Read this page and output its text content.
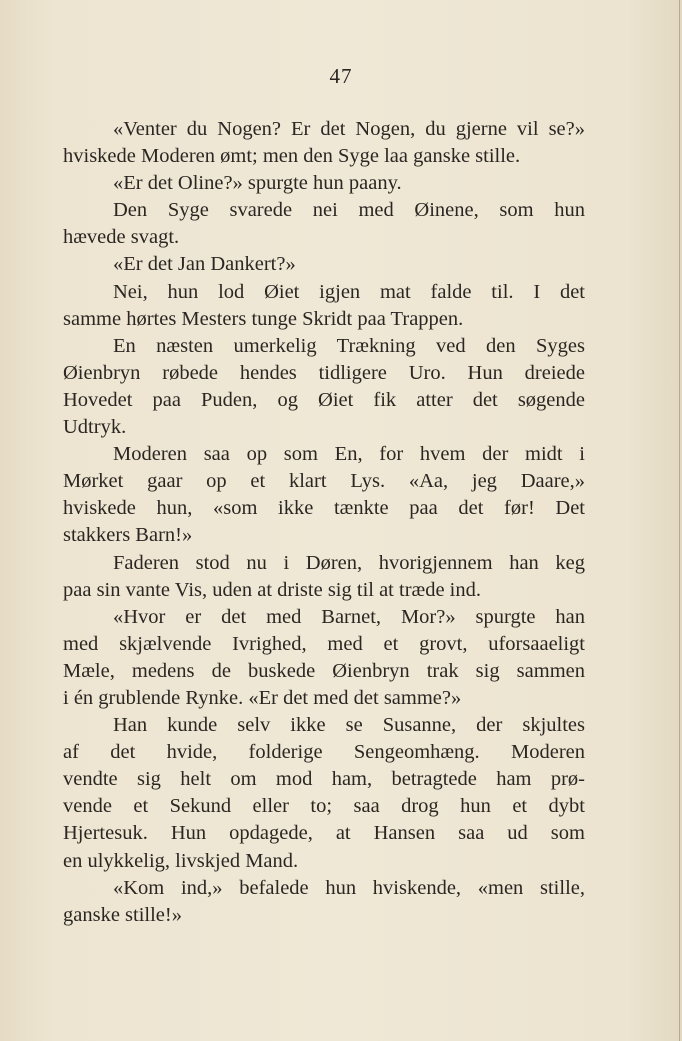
47
«Venter du Nogen? Er det Nogen, du gjerne vil se?»
hviskede Moderen ømt; men den Syge laa ganske stille.
«Er det Oline?» spurgte hun paany.
Den Syge svarede nei med Øinene, som hun
hævede svagt.
«Er det Jan Dankert?»
Nei, hun lod Øiet igjen mat falde til. I det
samme hørtes Mesters tunge Skridt paa Trappen.
En næsten umerkelig Trækning ved den Syges
Øienbryn røbede hendes tidligere Uro. Hun dreiede
Hovedet paa Puden, og Øiet fik atter det søgende
Udtryk.
Moderen saa op som En, for hvem der midt i
Mørket gaar op et klart Lys. «Aa, jeg Daare,»
hviskede hun, «som ikke tænkte paa det før! Det
stakkers Barn!»
Faderen stod nu i Døren, hvorigjennem han keg
paa sin vante Vis, uden at driste sig til at træde ind.
«Hvor er det med Barnet, Mor?» spurgte han
med skjælvende Ivrighed, med et grovt, uforsaaeligt
Mæle, medens de buskede Øienbryn trak sig sammen
i én grublende Rynke. «Er det med det samme?»
Han kunde selv ikke se Susanne, der skjultes
af det hvide, folderige Sengeomhæng. Moderen
vendte sig helt om mod ham, betragtede ham prø-
vende et Sekund eller to; saa drog hun et dybt
Hjertesuk. Hun opdagede, at Hansen saa ud som
en ulykkelig, livskjed Mand.
«Kom ind,» befalede hun hviskende, «men stille,
ganske stille!»
